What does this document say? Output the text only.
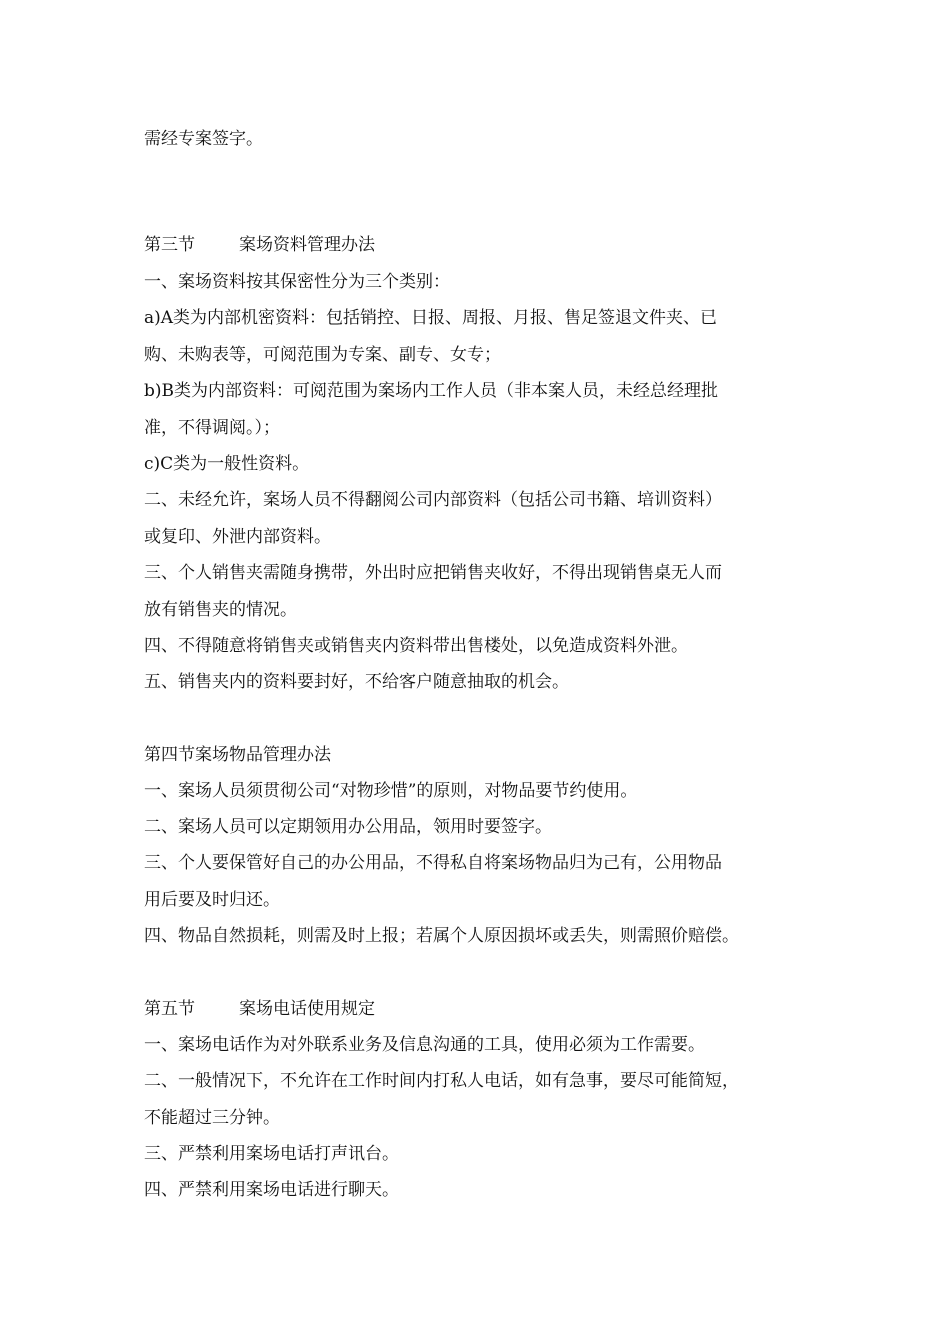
需经专案签字。
第三节	案场资料管理办法
一、案场资料按其保密性分为三个类别：
a)A类为内部机密资料：包括销控、日报、周报、月报、售足签退文件夹、已
购、未购表等，可阅范围为专案、副专、女专；
b)B类为内部资料：可阅范围为案场内工作人员（非本案人员，未经总经理批
准，不得调阅。）；
c)C类为一般性资料。
二、未经允许，案场人员不得翻阅公司内部资料（包括公司书籍、培训资料）
或复印、外泄内部资料。
三、个人销售夹需随身携带，外出时应把销售夹收好，不得出现销售桌无人而
放有销售夹的情况。
四、不得随意将销售夹或销售夹内资料带出售楼处，以免造成资料外泄。
五、销售夹内的资料要封好，不给客户随意抽取的机会。
第四节案场物品管理办法
一、案场人员须贯彻公司“对物珍惜”的原则，对物品要节约使用。
二、案场人员可以定期领用办公用品，领用时要签字。
三、个人要保管好自己的办公用品，不得私自将案场物品归为己有，公用物品
用后要及时归还。
四、物品自然损耗，则需及时上报；若属个人原因损坏或丢失，则需照价赔偿。
第五节	案场电话使用规定
一、案场电话作为对外联系业务及信息沟通的工具，使用必须为工作需要。
二、一般情况下，不允许在工作时间内打私人电话，如有急事，要尽可能简短，
不能超过三分钟。
三、严禁利用案场电话打声讯台。
四、严禁利用案场电话进行聊天。
